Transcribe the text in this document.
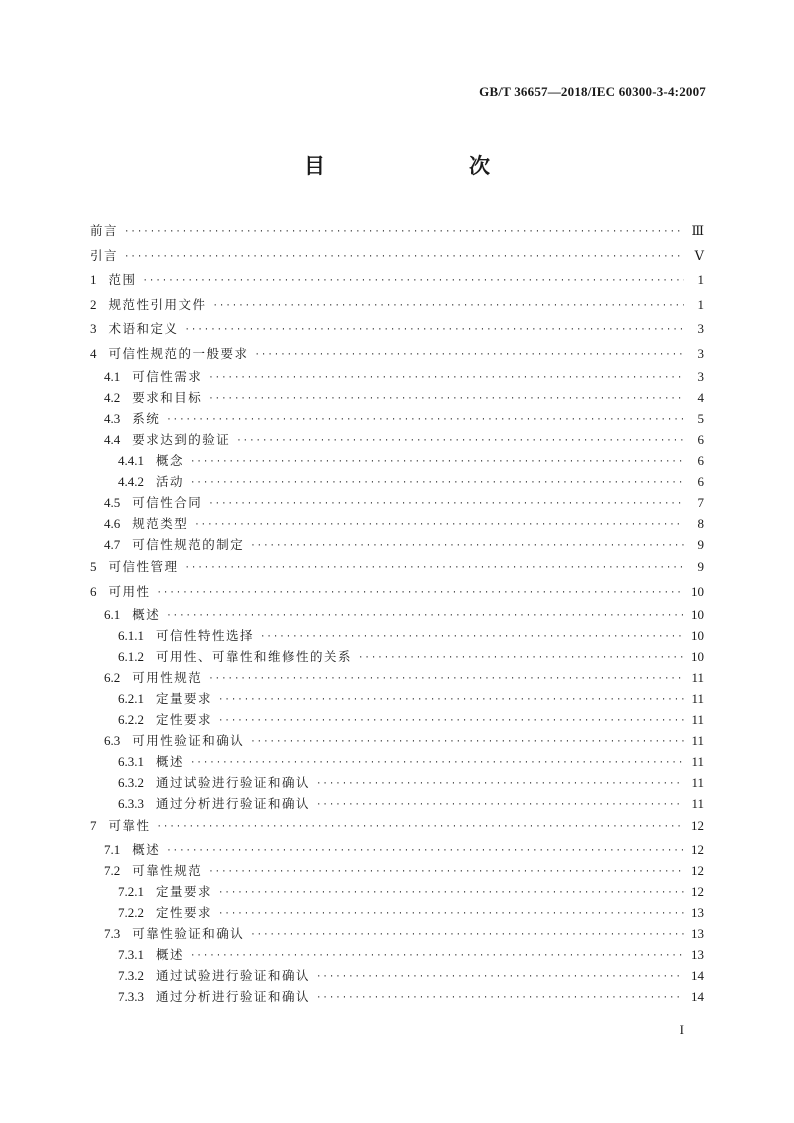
GB/T 36657—2018/IEC 60300-3-4:2007
目　　次
前言 ·····	Ⅲ
引言 ·····	Ⅴ
1 范围 ·····	1
2 规范性引用文件 ·····	1
3 术语和定义 ·····	3
4 可信性规范的一般要求 ·····	3
4.1 可信性需求 ·····	3
4.2 要求和目标 ·····	4
4.3 系统 ·····	5
4.4 要求达到的验证 ·····	6
4.4.1 概念 ·····	6
4.4.2 活动 ·····	6
4.5 可信性合同 ·····	7
4.6 规范类型 ·····	8
4.7 可信性规范的制定 ·····	9
5 可信性管理 ·····	9
6 可用性 ·····	10
6.1 概述 ·····	10
6.1.1 可信性特性选择 ·····	10
6.1.2 可用性、可靠性和维修性的关系 ·····	10
6.2 可用性规范 ·····	11
6.2.1 定量要求 ·····	11
6.2.2 定性要求 ·····	11
6.3 可用性验证和确认 ·····	11
6.3.1 概述 ·····	11
6.3.2 通过试验进行验证和确认 ·····	11
6.3.3 通过分析进行验证和确认 ·····	11
7 可靠性 ·····	12
7.1 概述 ·····	12
7.2 可靠性规范 ·····	12
7.2.1 定量要求 ·····	12
7.2.2 定性要求 ·····	13
7.3 可靠性验证和确认 ·····	13
7.3.1 概述 ·····	13
7.3.2 通过试验进行验证和确认 ·····	14
7.3.3 通过分析进行验证和确认 ·····	14
I
